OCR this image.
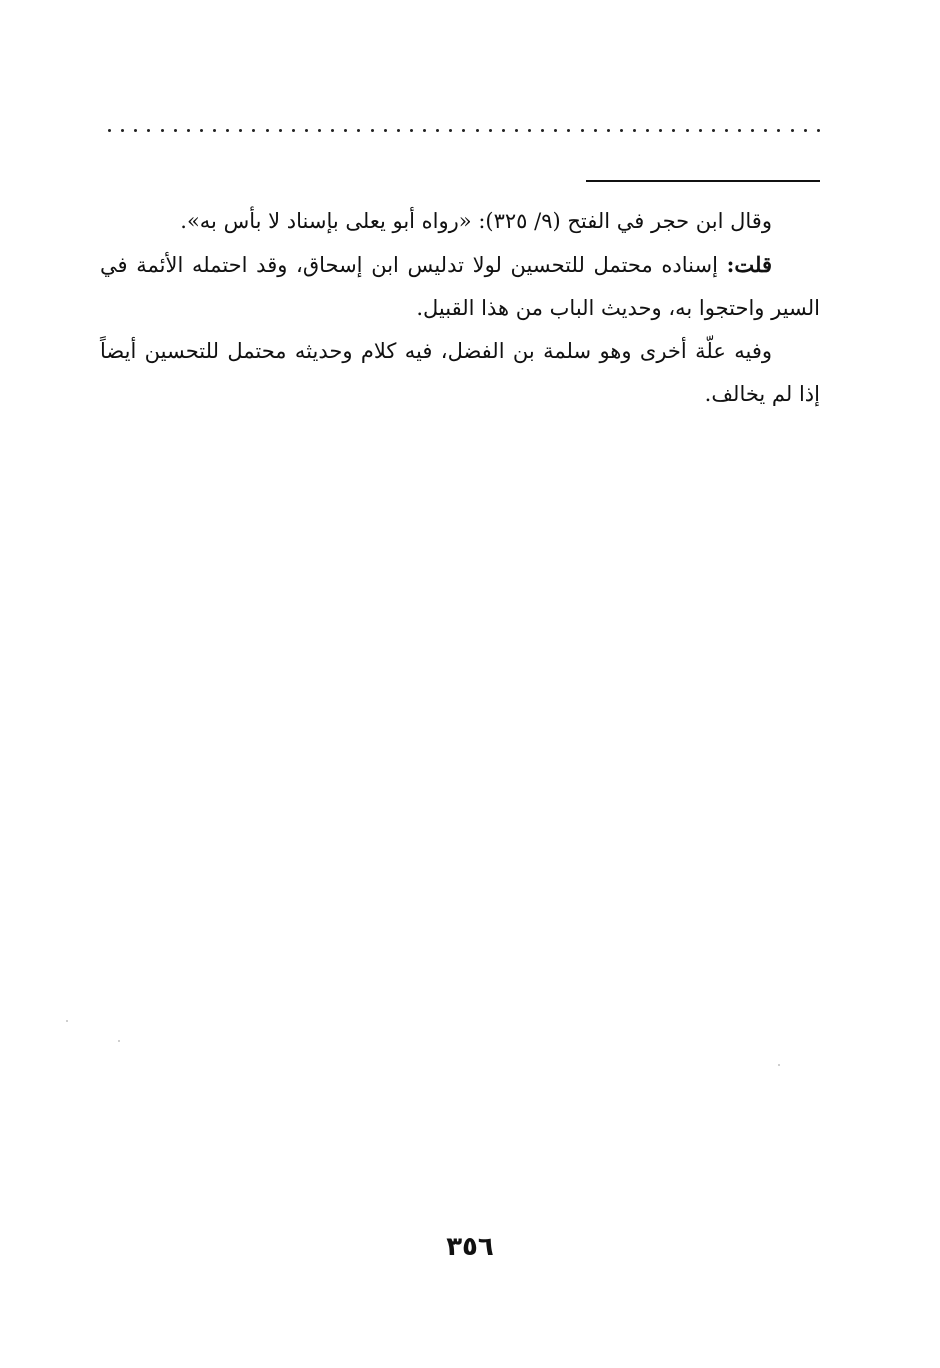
وقال ابن حجر في الفتح (٩/ ٣٢٥): «رواه أبو يعلى بإسناد لا بأس به».

قلت: إسناده محتمل للتحسين لولا تدليس ابن إسحاق، وقد احتمله الأئمة في السير واحتجوا به، وحديث الباب من هذا القبيل.

وفيه علّة أخرى وهو سلمة بن الفضل، فيه كلام وحديثه محتمل للتحسين أيضاً إذا لم يخالف.

٣٥٦
